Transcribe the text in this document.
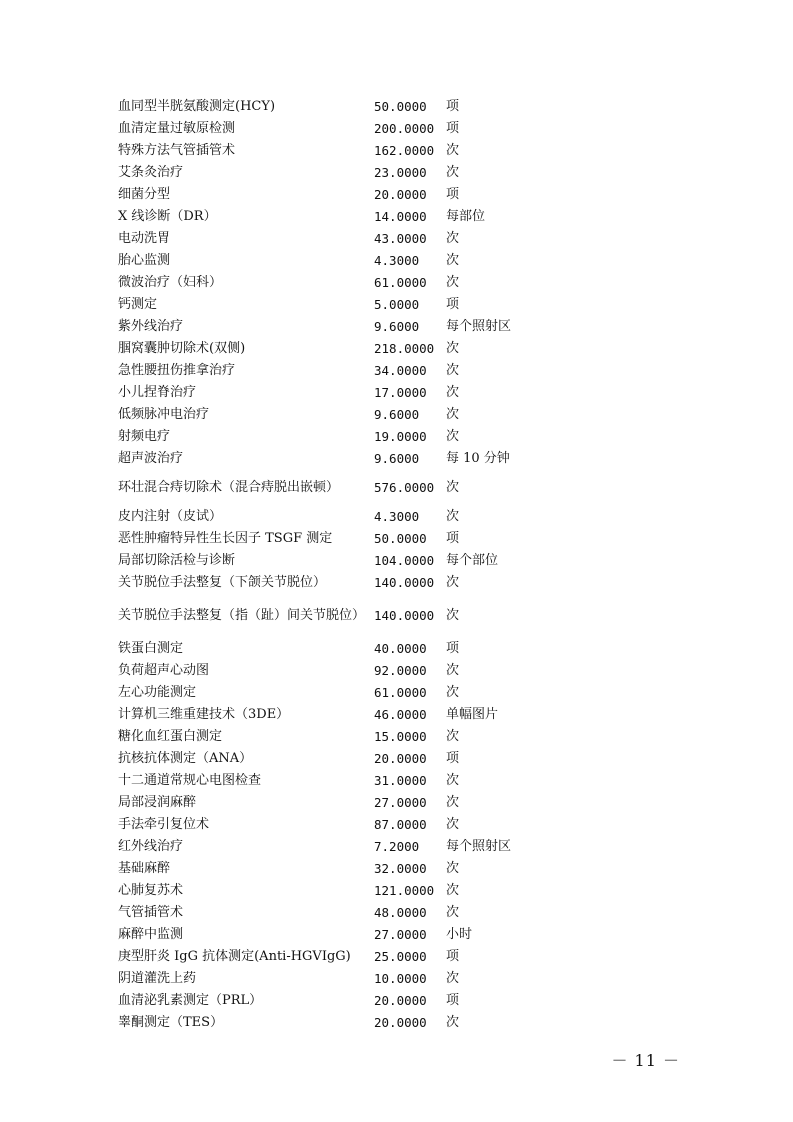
血同型半胱氨酸测定(HCY)	50.0000	项
血清定量过敏原检测	200.0000 项
特殊方法气管插管术	162.0000 次
艾条灸治疗	23.0000	次
细菌分型	20.0000	项
X 线诊断（DR）	14.0000	每部位
电动洗胃	43.0000	次
胎心监测	4.3000	次
微波治疗（妇科）	61.0000	次
钙测定	5.0000	项
紫外线治疗	9.6000	每个照射区
腘窝囊肿切除术(双侧)	218.0000 次
急性腰扭伤推拿治疗	34.0000	次
小儿捏脊治疗	17.0000	次
低频脉冲电治疗	9.6000	次
射频电疗	19.0000	次
超声波治疗	9.6000	每 10 分钟
环壮混合痔切除术（混合痔脱出嵌顿）	576.0000 次
皮内注射（皮试）	4.3000	次
恶性肿瘤特异性生长因子 TSGF 测定	50.0000	项
局部切除活检与诊断	104.0000 每个部位
关节脱位手法整复（下颌关节脱位）	140.0000 次
关节脱位手法整复（指（趾）间关节脱位） 140.0000 次
铁蛋白测定	40.0000	项
负荷超声心动图	92.0000	次
左心功能测定	61.0000	次
计算机三维重建技术（3DE）	46.0000	单幅图片
糖化血红蛋白测定	15.0000	次
抗核抗体测定（ANA）	20.0000	项
十二通道常规心电图检查	31.0000	次
局部浸润麻醉	27.0000	次
手法牵引复位术	87.0000	次
红外线治疗	7.2000	每个照射区
基础麻醉	32.0000	次
心肺复苏术	121.0000 次
气管插管术	48.0000	次
麻醉中监测	27.0000	小时
庚型肝炎 IgG 抗体测定(Anti-HGVIgG)	25.0000	项
阴道灌洗上药	10.0000	次
血清泌乳素测定（PRL）	20.0000	项
睾酮测定（TES）	20.0000	次
－ 11 －
